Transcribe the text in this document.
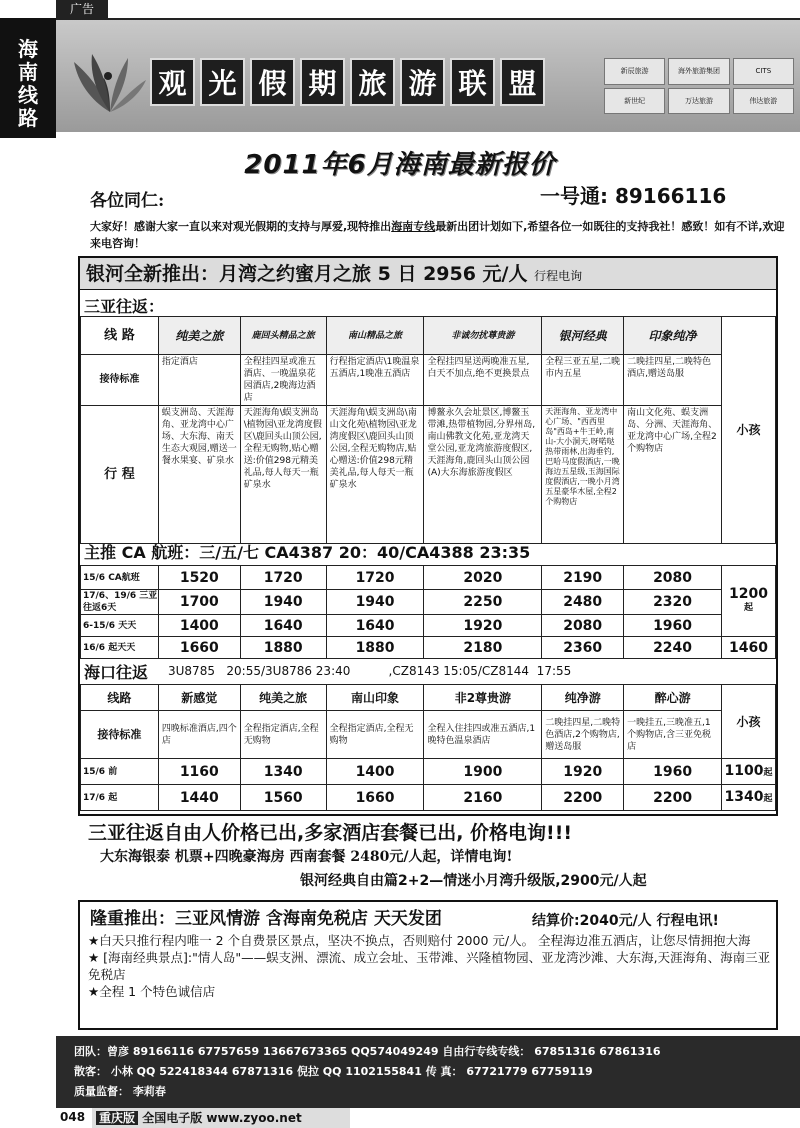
广告
海
南
线
路
观 光 假 期 旅 游 联 盟	新辰旅游	海外旅游集团	CITS
新世纪	万达旅游	伟达旅游
2011年6月海南最新报价
各位同仁:	一号通: 89166116
大家好！感谢大家一直以来对观光假期的支持与厚爱,现特推出海南专线最新出团计划如下,希望各位一如既往的支持我社！感致！如有不详,欢迎来电咨询！
银河全新推出：月湾之约蜜月之旅 5 日 2956 元/人 行程电询
三亚往返：
线 路	纯美之旅	鹿回头精品之旅	南山精品之旅	非诚勿扰尊贵游	银河经典	印象纯净	小孩
接待标准	指定酒店	全程挂四星或准五酒店、一晚温泉花园酒店,2晚海边酒店	行程指定酒店\1晚温泉五酒店,1晚准五酒店	全程挂四星送两晚准五星,白天不加点,绝不更换景点	全程三亚五星,二晚市内五星	二晚挂四星,二晚特色酒店,赠送岛服	
行 程	蜈支洲岛、天涯海角、亚龙湾中心广场、大东海、南天生态大观园,赠送一餐水果宴、矿泉水	天涯海角\蜈支洲岛\植物园\亚龙湾度假区\鹿回头山顶公园,全程无购物,贴心赠送:价值298元精美礼品,每人每天一瓶矿泉水	天涯海角\蜈支洲岛\南山文化苑\植物园\亚龙湾度假区\鹿回头山顶公园,全程无购物店,贴心赠送:价值298元精美礼品,每人每天一瓶矿泉水	博鳌永久会址景区,博鳌玉带滩,热带植物园,分界州岛,南山佛教文化苑,亚龙湾天堂公园,亚龙湾旅游度假区,天涯海角,鹿回头山顶公园(A)大东海旅游度假区	天涯海角、亚龙湾中心广场、"西西里岛"西岛+牛王岭,南山-大小洞天,呀喏哒热带雨林,出海垂钓,巴哈马度假酒店,一晚海边五星级,玉海国际度假酒店,一晚小月湾五星豪华木屋,全程2个购物店	南山文化苑、蜈支洲岛、分洲、天涯海角、亚龙湾中心广场,全程2个购物店	

15/6 CA航班	1520	1720	1720	2020	2190	2080	1200
起
17/6、19/6 三亚往返6天	1700	1940	1940	2250	2480	2320	
6-15/6 天天	1400	1640	1640	1920	2080	1960	
16/6 起天天	1660	1880	1880	2180	2360	2240	1460
主推 CA 航班：三/五/七 CA4387 20：40/CA4388 23:35
海口往返 3U8785   20:55/3U8786 23:40          ,CZ8143 15:05/CZ8144  17:55
线路	新感觉	纯美之旅	南山印象	非2尊贵游	纯净游	醉心游	小孩
接待标准	四晚标准酒店,四个店	全程指定酒店,全程无购物	全程指定酒店,全程无购物	全程入住挂四或准五酒店,1晚特色温泉酒店	二晚挂四星,二晚特色酒店,2个购物店,赠送岛服	一晚挂五,三晚准五,1个购物店,含三亚免税店	
15/6 前	1160	1340	1400	1900	1920	1960	1100起
17/6 起	1440	1560	1660	2160	2200	2200	1340起
三亚往返自由人价格已出,多家酒店套餐已出, 价格电询!!!
大东海银泰 机票+四晚豪海房 西南套餐 2480元/人起，详情电询!
银河经典自由篇2+2—情迷小月湾升级版,2900元/人起
隆重推出：三亚风情游 含海南免税店 天天发团	结算价:2040元/人 行程电讯!
★白天只推行程内唯一 2 个自费景区景点，坚决不换点，否则赔付 2000 元/人。 全程海边准五酒店，让您尽情拥抱大海
★ [海南经典景点]:"情人岛"——蜈支洲、漂流、成立会址、玉带滩、兴隆植物园、亚龙湾沙滩、大东海,天涯海角、海南三亚免税店
★全程 1 个特色诚信店
团队：曾彦 89166116 67757659 13667673365 QQ574049249 自由行专线专线： 67851316 67861316
散客： 小林 QQ 522418344 67871316 倪拉 QQ 1102155841 传 真： 67721779 67759119
质量监督： 李莉春
048	重庆版 全国电子版 www.zyoo.net
